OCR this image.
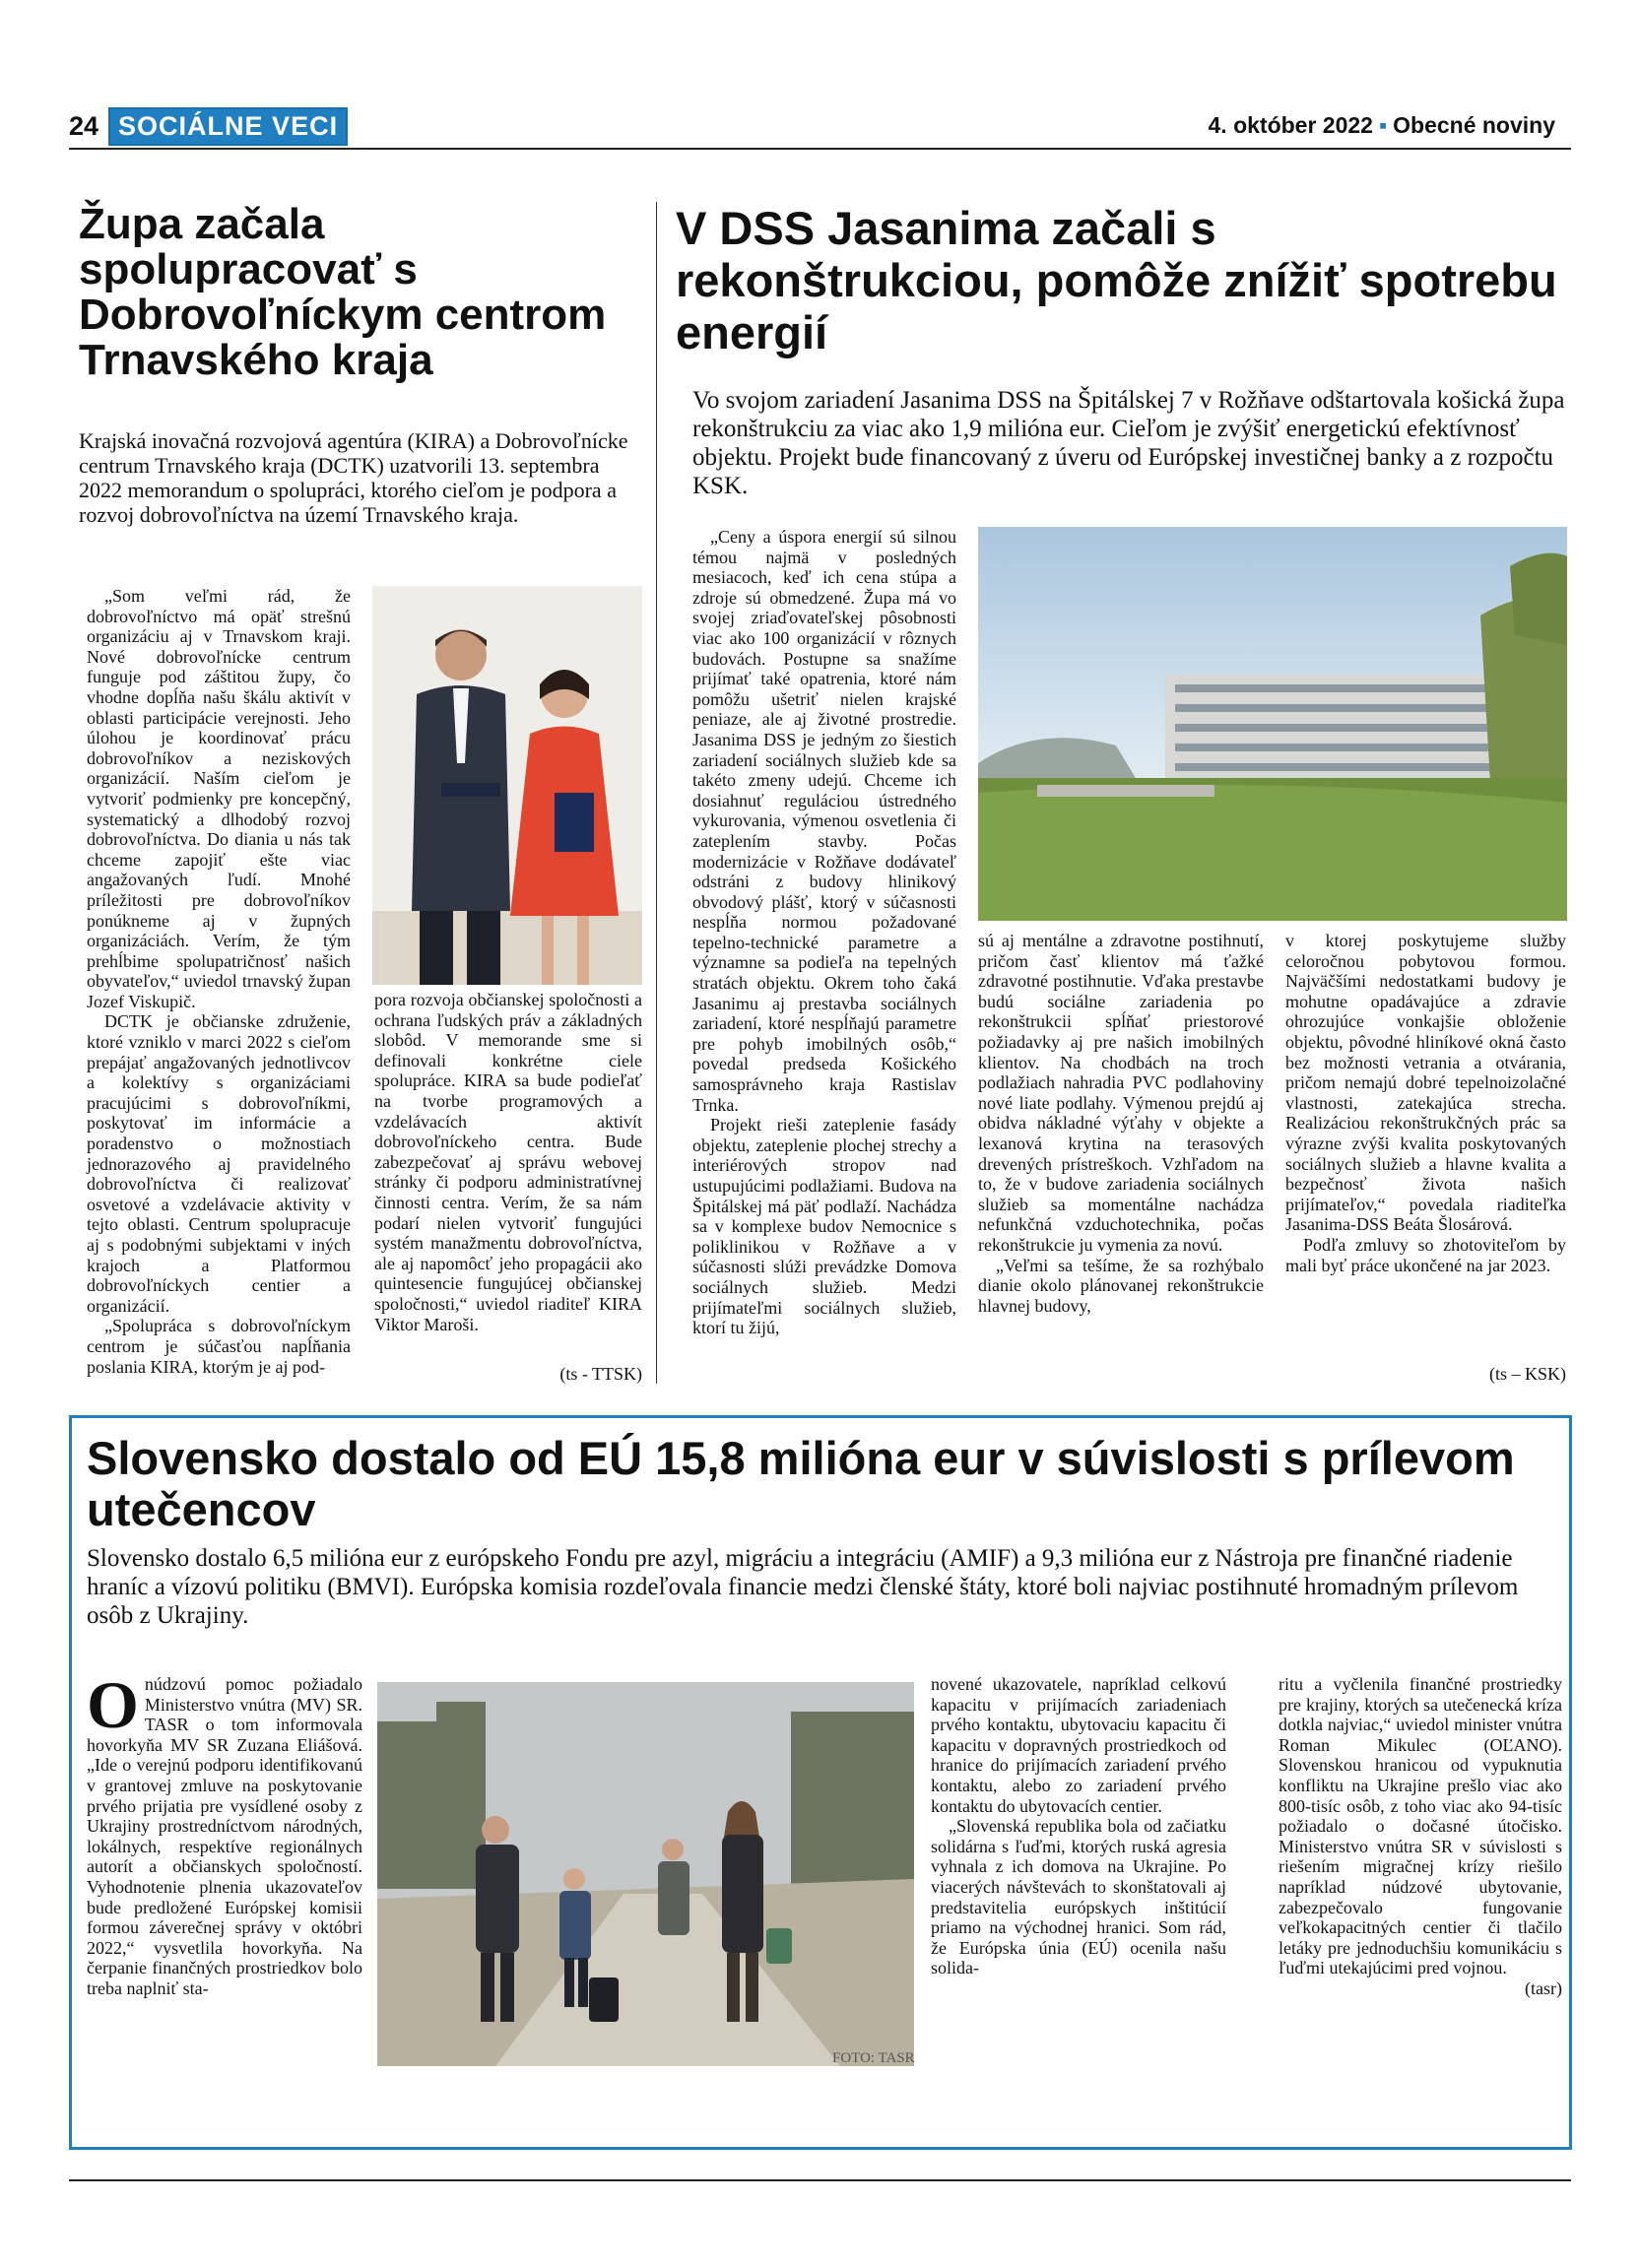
24 SOCIÁLNE VECI	4. október 2022 ▪ Obecné noviny
Župa začala spolupracovať s Dobrovoľníckym centrom Trnavského kraja
Krajská inovačná rozvojová agentúra (KIRA) a Dobrovoľnícke centrum Trnavského kraja (DCTK) uzatvorili 13. septembra 2022 memorandum o spolupráci, ktorého cieľom je podpora a rozvoj dobrovoľníctva na území Trnavského kraja.

„Som veľmi rád, že dobrovoľníctvo má opäť strešnú organizáciu aj v Trnavskom kraji. Nové dobrovoľnícke centrum funguje pod záštitou župy, čo vhodne dopĺňa našu škálu aktivít v oblasti participácie verejnosti. Jeho úlohou je koordinovať prácu dobrovoľníkov a neziskových organizácií. Naším cieľom je vytvoriť podmienky pre koncepčný, systematický a dlhodobý rozvoj dobrovoľníctva. Do diania u nás tak chceme zapojiť ešte viac angažovaných ľudí. Mnohé príležitosti pre dobrovoľníkov ponúkneme aj v župných organizáciách. Verím, že tým prehĺbime spolupatričnosť našich obyvateľov,“ uviedol trnavský župan Jozef Viskupič.

DCTK je občianske združenie, ktoré vzniklo v marci 2022 s cieľom prepájať angažovaných jednotlivcov a kolektívy s organizáciami pracujúcimi s dobrovoľníkmi, poskytovať im informácie a poradenstvo o možnostiach jednorazového aj pravidelného dobrovoľníctva či realizovať osvetové a vzdelávacie aktivity v tejto oblasti. Centrum spolupracuje aj s podobnými subjektami v iných krajoch a Platformou dobrovoľníckych centier a organizácií.

„Spolupráca s dobrovoľníckym centrom je súčasťou napĺňania poslania KIRA, ktorým je aj pod-

pora rozvoja občianskej spoločnosti a ochrana ľudských práv a základných slobôd. V memorande sme si definovali konkrétne ciele spolupráce. KIRA sa bude podieľať na tvorbe programových a vzdelávacích aktivít dobrovoľníckeho centra. Bude zabezpečovať aj správu webovej stránky či podporu administratívnej činnosti centra. Verím, že sa nám podarí nielen vytvoriť fungujúci systém manažmentu dobrovoľníctva, ale aj napomôcť jeho propagácii ako quintesencie fungujúcej občianskej spoločnosti,“ uviedol riaditeľ KIRA Viktor Maroši.

(ts - TTSK)
V DSS Jasanima začali s rekonštrukciou, pomôže znížiť spotrebu energií
Vo svojom zariadení Jasanima DSS na Špitálskej 7 v Rožňave odštartovala košická župa rekonštrukciu za viac ako 1,9 milióna eur. Cieľom je zvýšiť energetickú efektívnosť objektu. Projekt bude financovaný z úveru od Európskej investičnej banky a z rozpočtu KSK.

„Ceny a úspora energií sú silnou témou najmä v posledných mesiacoch, keď ich cena stúpa a zdroje sú obmedzené. Župa má vo svojej zriaďovateľskej pôsobnosti viac ako 100 organizácií v rôznych budovách. Postupne sa snažíme prijímať také opatrenia, ktoré nám pomôžu ušetriť nielen krajské peniaze, ale aj životné prostredie. Jasanima DSS je jedným zo šiestich zariadení sociálnych služieb kde sa takéto zmeny udejú. Chceme ich dosiahnuť reguláciou ústredného vykurovania, výmenou osvetlenia či zateplením stavby. Počas modernizácie v Rožňave dodávateľ odstráni z budovy hlinikový obvodový plášť, ktorý v súčasnosti nespĺňa normou požadované tepelno-technické parametre a významne sa podieľa na tepelných stratách objektu. Okrem toho čaká Jasanimu aj prestavba sociálnych zariadení, ktoré nespĺňajú parametre pre pohyb imobilných osôb,“ povedal predseda Košického samosprávneho kraja Rastislav Trnka.

Projekt rieši zateplenie fasády objektu, zateplenie plochej strechy a interiérových stropov nad ustupujúcimi podlažiami. Budova na Špitálskej má päť podlaží. Nachádza sa v komplexe budov Nemocnice s poliklinikou v Rožňave a v súčasnosti slúži prevádzke Domova sociálnych služieb. Medzi prijímateľmi sociálnych služieb, ktorí tu žijú,

sú aj mentálne a zdravotne postihnutí, pričom časť klientov má ťažké zdravotné postihnutie. Vďaka prestavbe budú sociálne zariadenia po rekonštrukcii spĺňať priestorové požiadavky aj pre našich imobilných klientov. Na chodbách na troch podlažiach nahradia PVC podlahoviny nové liate podlahy. Výmenou prejdú aj obidva nákladné výťahy v objekte a lexanová krytina na terasových drevených prístreškoch. Vzhľadom na to, že v budove zariadenia sociálnych služieb sa momentálne nachádza nefunkčná vzduchotechnika, počas rekonštrukcie ju vymenia za novú.

„Veľmi sa tešíme, že sa rozhýbalo dianie okolo plánovanej rekonštrukcie hlavnej budovy,

v ktorej poskytujeme služby celoročnou pobytovou formou. Najväčšími nedostatkami budovy je mohutne opadávajúce a zdravie ohrozujúce vonkajšie obloženie objektu, pôvodné hliníkové okná často bez možnosti vetrania a otvárania, pričom nemajú dobré tepelnoizolačné vlastnosti, zatekajúca strecha. Realizáciou rekonštrukčných prác sa výrazne zvýši kvalita poskytovaných sociálnych služieb a hlavne kvalita a bezpečnosť života našich prijímateľov,“ povedala riaditeľka Jasanima-DSS Beáta Šlosárová.

Podľa zmluvy so zhotoviteľom by mali byť práce ukončené na jar 2023.

(ts – KSK)
Slovensko dostalo od EÚ 15,8 milióna eur v súvislosti s prílevom utečencov
Slovensko dostalo 6,5 milióna eur z európskeho Fondu pre azyl, migráciu a integráciu (AMIF) a 9,3 milióna eur z Nástroja pre finančné riadenie hraníc a vízovú politiku (BMVI). Európska komisia rozdeľovala financie medzi členské štáty, ktoré boli najviac postihnuté hromadným prílevom osôb z Ukrajiny.
O núdzovú pomoc požiadalo Ministerstvo vnútra (MV) SR. TASR o tom informovala hovorkyňa MV SR Zuzana Eliášová. „Ide o verejnú podporu identifikovanú v grantovej zmluve na poskytovanie prvého prijatia pre vysídlené osoby z Ukrajiny prostredníctvom národných, lokálnych, respektíve regionálnych autorít a občianskych spoločností. Vyhodnotenie plnenia ukazovateľov bude predložené Európskej komisii formou záverečnej správy v októbri 2022,“ vysvetlila hovorkyňa. Na čerpanie finančných prostriedkov bolo treba naplniť sta-

novené ukazovatele, napríklad celkovú kapacitu v prijímacích zariadeniach prvého kontaktu, ubytovaciu kapacitu či kapacitu v dopravných prostriedkoch od hranice do prijímacích zariadení prvého kontaktu, alebo zo zariadení prvého kontaktu do ubytovacích centier.

„Slovenská republika bola od začiatku solidárna s ľuďmi, ktorých ruská agresia vyhnala z ich domova na Ukrajine. Po viacerých návštevách to skonštatovali aj predstavitelia európskych inštitúcií priamo na východnej hranici. Som rád, že Európska únia (EÚ) ocenila našu solida-

ritu a vyčlenila finančné prostriedky pre krajiny, ktorých sa utečenecká kríza dotkla najviac,“ uviedol minister vnútra Roman Mikulec (OĽANO). Slovenskou hranicou od vypuknutia konfliktu na Ukrajine prešlo viac ako 800-tisíc osôb, z toho viac ako 94-tisíc požiadalo o dočasné útočisko. Ministerstvo vnútra SR v súvislosti s riešením migračnej krízy riešilo napríklad núdzové ubytovanie, zabezpečovalo fungovanie veľkokapacitných centier či tlačilo letáky pre jednoduchšiu komunikáciu s ľuďmi utekajúcimi pred vojnou.

(tasr)

FOTO: TASR
